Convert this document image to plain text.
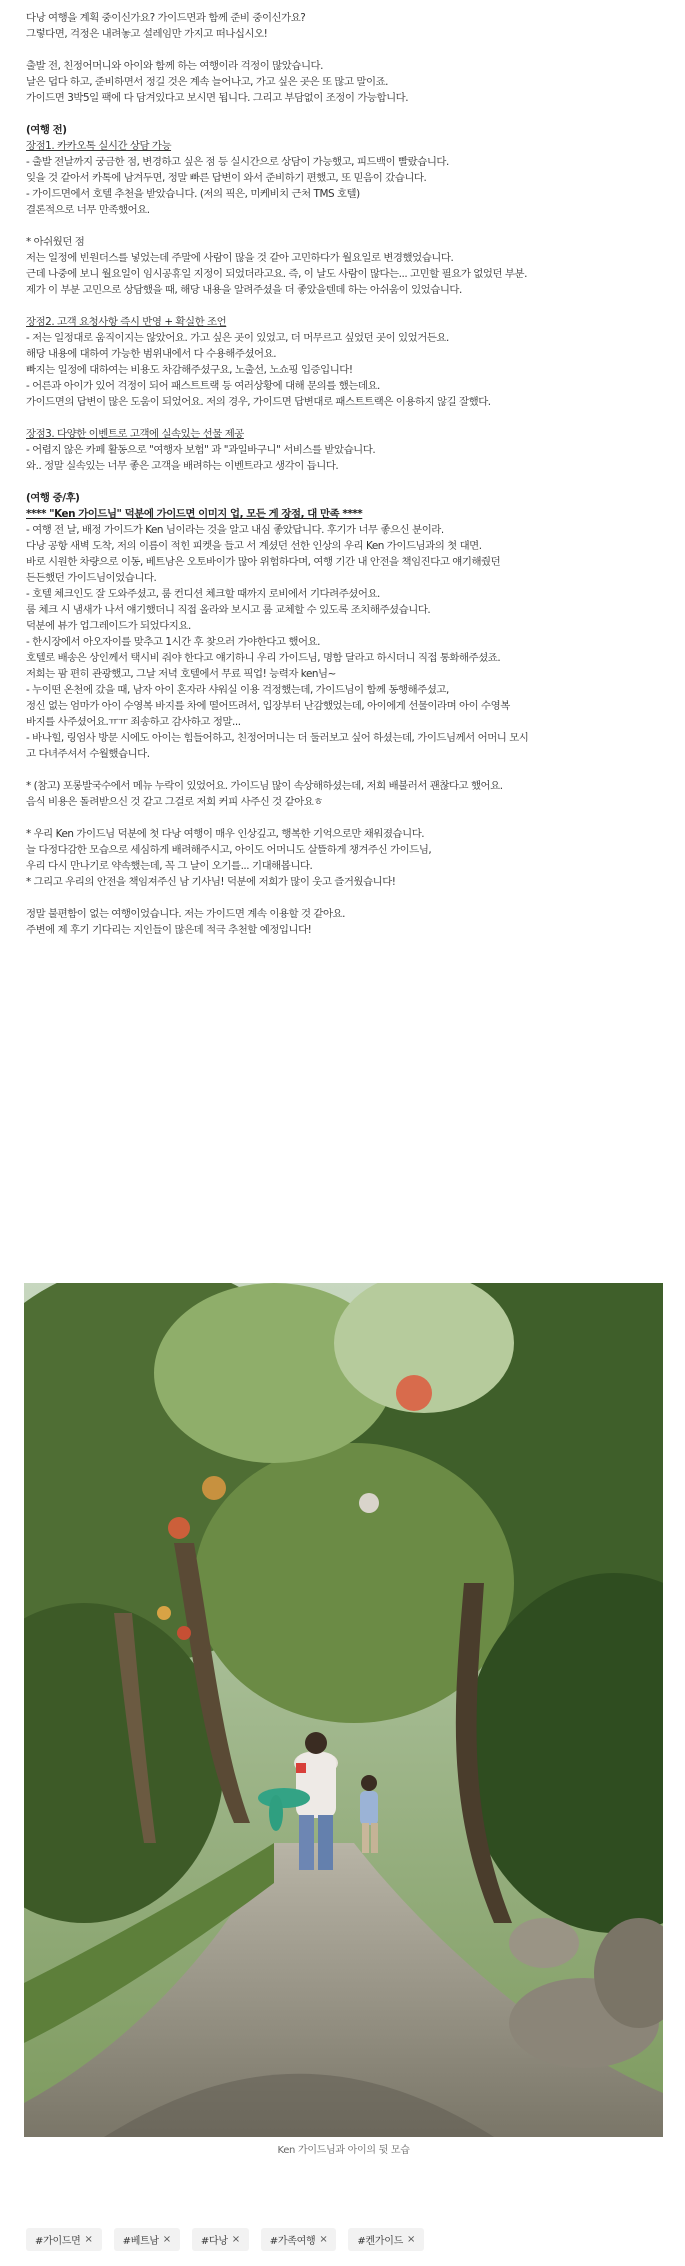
다낭 여행을 계획 중이신가요? 가이드면과 함께 준비 중이신가요?
그렇다면, 걱정은 내려놓고 설레임만 가지고 떠나십시오!
출발 전, 친정어머니와 아이와 함께 하는 여행이라 걱정이 많았습니다.
날은 덥다 하고, 준비하면서 정길 것은 계속 늘어나고, 가고 싶은 곳은 또 많고 말이죠.
가이드면 3박5일 팩에 다 담겨있다고 보시면 됩니다. 그리고 부담없이 조정이 가능합니다.
(여행 전)
장점1. 카카오톡 실시간 상담 가능
- 출발 전날까지 궁금한 점, 변경하고 싶은 점 등 실시간으로 상담이 가능했고, 피드백이 빨랐습니다.
잊을 것 같아서 카톡에 남겨두면, 정말 빠른 답변이 와서 준비하기 편했고, 또 믿음이 갔습니다.
- 가이드면에서 호텔 추천을 받았습니다. (저의 픽은, 미케비치 근처 TMS 호텔)
결론적으로 너무 만족했어요.
* 아쉬웠던 점
저는 일정에 빈원더스를 넣었는데 주말에 사람이 많을 것 같아 고민하다가 월요일로 변경했었습니다.
근데 나중에 보니 월요일이 임시공휴일 지정이 되었더라고요. 즉, 이 날도 사람이 많다는... 고민할 필요가 없었던 부분.
제가 이 부분 고민으로 상담했을 때, 해당 내용을 알려주셨을 더 좋았을텐데 하는 아쉬움이 있었습니다.
장점2. 고객 요청사항 즉시 반영 + 확실한 조언
- 저는 일정대로 움직이지는 않았어요. 가고 싶은 곳이 있었고, 더 머무르고 싶었던 곳이 있었거든요.
해당 내용에 대하여 가능한 범위내에서 다 수용해주셨어요.
빠지는 일정에 대하여는 비용도 차감해주셨구요, 노출선, 노쇼핑 입증입니다!
- 어른과 아이가 있어 걱정이 되어 패스트트랙 등 여러상황에 대해 문의를 했는데요.
가이드면의 답변이 많은 도움이 되었어요. 저의 경우, 가이드면 답변대로 패스트트랙은 이용하지 않길 잘했다.
장점3. 다양한 이벤트로 고객에 실속있는 선물 제공
- 어렵지 않은 카페 활동으로 "여행자 보험" 과 "과일바구니" 서비스를 받았습니다.
와.. 정말 실속있는 너무 좋은 고객을 배려하는 이벤트라고 생각이 듭니다.
(여행 중/후)
**** "Ken 가이드님" 덕분에 가이드면 이미지 업, 모든 게 장점, 대 만족 ****
- 여행 전 날, 배정 가이드가 Ken 님이라는 것을 알고 내심 좋았답니다. 후기가 너무 좋으신 분이라.
다낭 공항 새벽 도착, 저의 이름이 적힌 피켓을 들고 서 계셨던 선한 인상의 우리 Ken 가이드님과의 첫 대면.
바로 시원한 차량으로 이동, 베트남은 오토바이가 많아 위험하다며, 여행 기간 내 안전을 책임진다고 얘기해줬던
든든했던 가이드님이었습니다.
- 호텔 체크인도 잘 도와주셨고, 룸 컨디션 체크할 때까지 로비에서 기다려주셨어요.
룸 체크 시 냄새가 나서 얘기했더니 직접 올라와 보시고 룸 교체할 수 있도록 조치해주셨습니다.
덕분에 뷰가 업그레이드가 되었다지요.
- 한시장에서 아오자이를 맞추고 1시간 후 찾으러 가야한다고 했어요.
호텔로 배송은 상인께서 택시비 줘야 한다고 얘기하니 우리 가이드님, 명함 달라고 하시더니 직접 통화해주셨죠.
저희는 팜 편히 관광했고, 그날 저녁 호텔에서 무료 픽업! 능력자 ken님~
- 누이떤 온천에 갔을 때, 남자 아이 혼자라 샤워실 이용 걱정했는데, 가이드님이 함께 동행해주셨고,
정신 없는 엄마가 아이 수영복 바지를 차에 떨어뜨려서, 입장부터 난감했었는데, 아이에게 선물이라며 아이 수영복
바지를 사주셨어요.ㅠㅠ 죄송하고 감사하고 정말...
- 바나힐, 링엄사 방문 시에도 아이는 힘들어하고, 친정어머니는 더 둘러보고 싶어 하셨는데, 가이드님께서 어머니 모시
고 다녀주셔서 수월했습니다.
* (참고) 포롱발국수에서 메뉴 누락이 있었어요. 가이드님 많이 속상해하셨는데, 저희 배불러서 괜찮다고 했어요.
음식 비용은 돌려받으신 것 같고 그걸로 저희 커피 사주신 것 같아요ㅎ
* 우리 Ken 가이드님 덕분에 첫 다낭 여행이 매우 인상깊고, 행복한 기억으로만 채워졌습니다.
늘 다정다감한 모습으로 세심하게 배려해주시고, 아이도 어머니도 살뜰하게 챙겨주신 가이드님,
우리 다시 만나기로 약속했는데, 꼭 그 날이 오기를... 기대해봅니다.
* 그리고 우리의 안전을 책임져주신 남 기사님! 덕분에 저희가 많이 웃고 즐거웠습니다!
정말 불편함이 없는 여행이었습니다. 저는 가이드면 계속 이용할 것 같아요.
주변에 제 후기 기다리는 지인들이 많은데 적극 추천할 예정입니다!
Ken 가이드님과 아이의 뒷 모습
#가이드면 ×	#베트남 ×	#다낭 ×	#가족여행 ×	#켄가이드 ×
